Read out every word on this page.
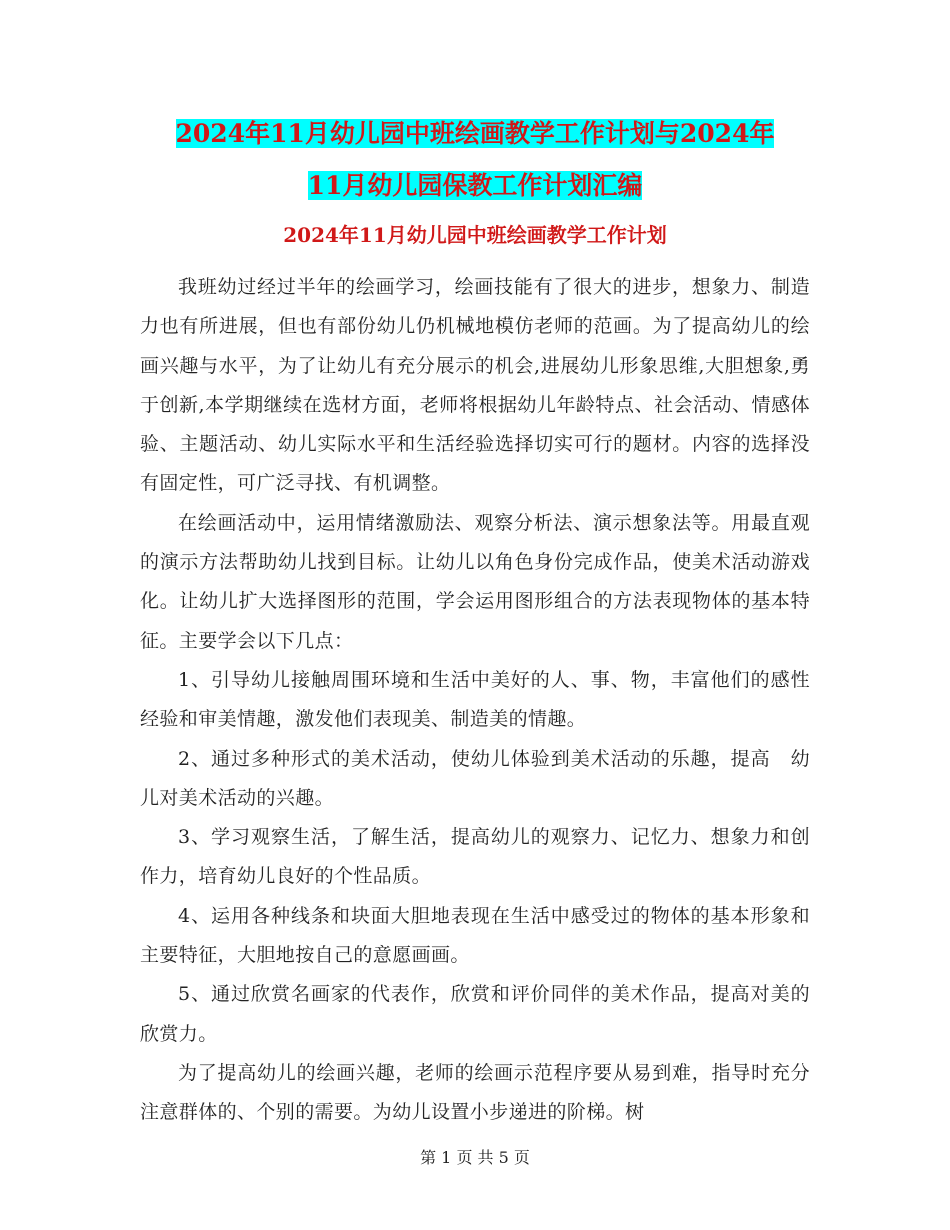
2024年11月幼儿园中班绘画教学工作计划与2024年
11月幼儿园保教工作计划汇编
2024年11月幼儿园中班绘画教学工作计划

我班幼过经过半年的绘画学习，绘画技能有了很大的进步，想象力、制造力也有所进展，但也有部份幼儿仍机械地模仿老师的范画。为了提高幼儿的绘画兴趣与水平，为了让幼儿有充分展示的机会,进展幼儿形象思维,大胆想象,勇于创新,本学期继续在选材方面，老师将根据幼儿年龄特点、社会活动、情感体验、主题活动、幼儿实际水平和生活经验选择切实可行的题材。内容的选择没有固定性，可广泛寻找、有机调整。

在绘画活动中，运用情绪激励法、观察分析法、演示想象法等。用最直观的演示方法帮助幼儿找到目标。让幼儿以角色身份完成作品，使美术活动游戏化。让幼儿扩大选择图形的范围，学会运用图形组合的方法表现物体的基本特征。主要学会以下几点：

1、引导幼儿接触周围环境和生活中美好的人、事、物，丰富他们的感性经验和审美情趣，激发他们表现美、制造美的情趣。

2、通过多种形式的美术活动，使幼儿体验到美术活动的乐趣，提高　幼儿对美术活动的兴趣。

3、学习观察生活，了解生活，提高幼儿的观察力、记忆力、想象力和创作力，培育幼儿良好的个性品质。

4、运用各种线条和块面大胆地表现在生活中感受过的物体的基本形象和主要特征，大胆地按自己的意愿画画。

5、通过欣赏名画家的代表作，欣赏和评价同伴的美术作品，提高对美的欣赏力。

为了提高幼儿的绘画兴趣，老师的绘画示范程序要从易到难，指导时充分注意群体的、个别的需要。为幼儿设置小步递进的阶梯。树

第 1 页 共 5 页
